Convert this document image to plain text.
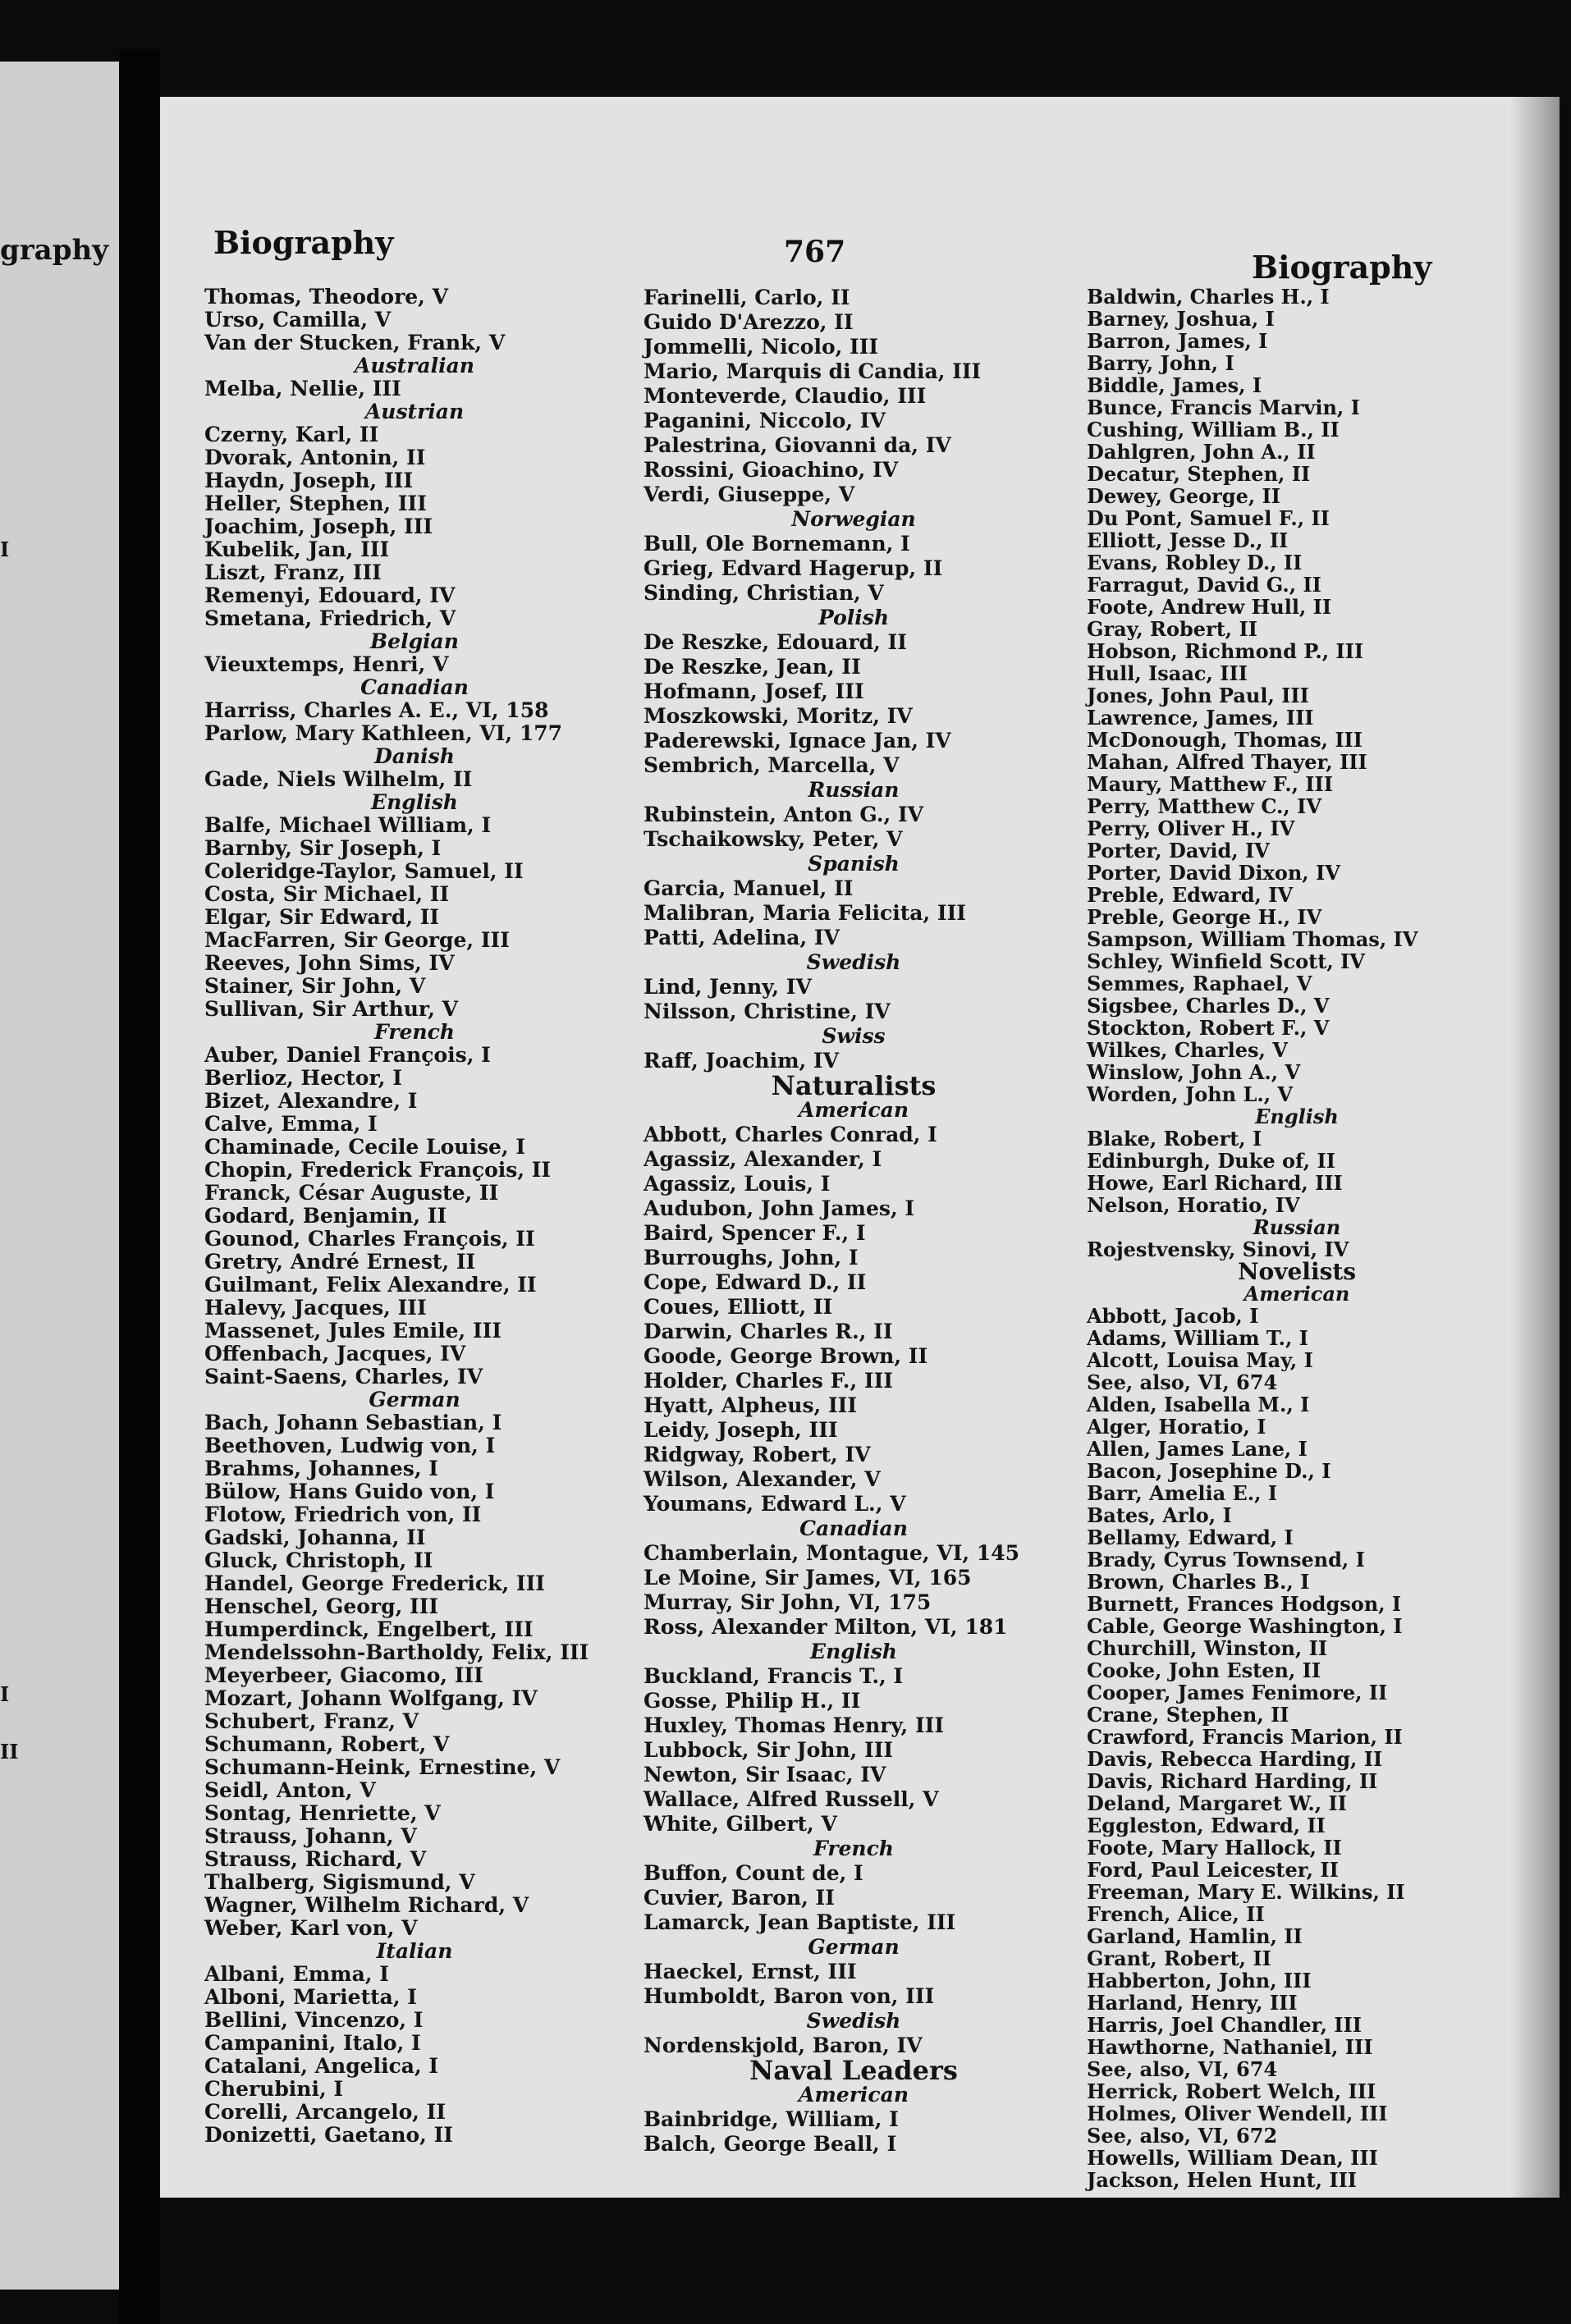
graphy
I
I
II
Biography	767	Biography
Thomas, Theodore, V
Urso, Camilla, V
Van der Stucken, Frank, V
Australian
Melba, Nellie, III
Austrian
Czerny, Karl, II
Dvorak, Antonin, II
Haydn, Joseph, III
Heller, Stephen, III
Joachim, Joseph, III
Kubelik, Jan, III
Liszt, Franz, III
Remenyi, Edouard, IV
Smetana, Friedrich, V
Belgian
Vieuxtemps, Henri, V
Canadian
Harriss, Charles A. E., VI, 158
Parlow, Mary Kathleen, VI, 177
Danish
Gade, Niels Wilhelm, II
English
Balfe, Michael William, I
Barnby, Sir Joseph, I
Coleridge-Taylor, Samuel, II
Costa, Sir Michael, II
Elgar, Sir Edward, II
MacFarren, Sir George, III
Reeves, John Sims, IV
Stainer, Sir John, V
Sullivan, Sir Arthur, V
French
Auber, Daniel François, I
Berlioz, Hector, I
Bizet, Alexandre, I
Calve, Emma, I
Chaminade, Cecile Louise, I
Chopin, Frederick François, II
Franck, César Auguste, II
Godard, Benjamin, II
Gounod, Charles François, II
Gretry, André Ernest, II
Guilmant, Felix Alexandre, II
Halevy, Jacques, III
Massenet, Jules Emile, III
Offenbach, Jacques, IV
Saint-Saens, Charles, IV
German
Bach, Johann Sebastian, I
Beethoven, Ludwig von, I
Brahms, Johannes, I
Bülow, Hans Guido von, I
Flotow, Friedrich von, II
Gadski, Johanna, II
Gluck, Christoph, II
Handel, George Frederick, III
Henschel, Georg, III
Humperdinck, Engelbert, III
Mendelssohn-Bartholdy, Felix, III
Meyerbeer, Giacomo, III
Mozart, Johann Wolfgang, IV
Schubert, Franz, V
Schumann, Robert, V
Schumann-Heink, Ernestine, V
Seidl, Anton, V
Sontag, Henriette, V
Strauss, Johann, V
Strauss, Richard, V
Thalberg, Sigismund, V
Wagner, Wilhelm Richard, V
Weber, Karl von, V
Italian
Albani, Emma, I
Alboni, Marietta, I
Bellini, Vincenzo, I
Campanini, Italo, I
Catalani, Angelica, I
Cherubini, I
Corelli, Arcangelo, II
Donizetti, Gaetano, II
Farinelli, Carlo, II
Guido D'Arezzo, II
Jommelli, Nicolo, III
Mario, Marquis di Candia, III
Monteverde, Claudio, III
Paganini, Niccolo, IV
Palestrina, Giovanni da, IV
Rossini, Gioachino, IV
Verdi, Giuseppe, V
Norwegian
Bull, Ole Bornemann, I
Grieg, Edvard Hagerup, II
Sinding, Christian, V
Polish
De Reszke, Edouard, II
De Reszke, Jean, II
Hofmann, Josef, III
Moszkowski, Moritz, IV
Paderewski, Ignace Jan, IV
Sembrich, Marcella, V
Russian
Rubinstein, Anton G., IV
Tschaikowsky, Peter, V
Spanish
Garcia, Manuel, II
Malibran, Maria Felicita, III
Patti, Adelina, IV
Swedish
Lind, Jenny, IV
Nilsson, Christine, IV
Swiss
Raff, Joachim, IV
Naturalists
American
Abbott, Charles Conrad, I
Agassiz, Alexander, I
Agassiz, Louis, I
Audubon, John James, I
Baird, Spencer F., I
Burroughs, John, I
Cope, Edward D., II
Coues, Elliott, II
Darwin, Charles R., II
Goode, George Brown, II
Holder, Charles F., III
Hyatt, Alpheus, III
Leidy, Joseph, III
Ridgway, Robert, IV
Wilson, Alexander, V
Youmans, Edward L., V
Canadian
Chamberlain, Montague, VI, 145
Le Moine, Sir James, VI, 165
Murray, Sir John, VI, 175
Ross, Alexander Milton, VI, 181
English
Buckland, Francis T., I
Gosse, Philip H., II
Huxley, Thomas Henry, III
Lubbock, Sir John, III
Newton, Sir Isaac, IV
Wallace, Alfred Russell, V
White, Gilbert, V
French
Buffon, Count de, I
Cuvier, Baron, II
Lamarck, Jean Baptiste, III
German
Haeckel, Ernst, III
Humboldt, Baron von, III
Swedish
Nordenskjold, Baron, IV
Naval Leaders
American
Bainbridge, William, I
Balch, George Beall, I
Baldwin, Charles H., I
Barney, Joshua, I
Barron, James, I
Barry, John, I
Biddle, James, I
Bunce, Francis Marvin, I
Cushing, William B., II
Dahlgren, John A., II
Decatur, Stephen, II
Dewey, George, II
Du Pont, Samuel F., II
Elliott, Jesse D., II
Evans, Robley D., II
Farragut, David G., II
Foote, Andrew Hull, II
Gray, Robert, II
Hobson, Richmond P., III
Hull, Isaac, III
Jones, John Paul, III
Lawrence, James, III
McDonough, Thomas, III
Mahan, Alfred Thayer, III
Maury, Matthew F., III
Perry, Matthew C., IV
Perry, Oliver H., IV
Porter, David, IV
Porter, David Dixon, IV
Preble, Edward, IV
Preble, George H., IV
Sampson, William Thomas, IV
Schley, Winfield Scott, IV
Semmes, Raphael, V
Sigsbee, Charles D., V
Stockton, Robert F., V
Wilkes, Charles, V
Winslow, John A., V
Worden, John L., V
English
Blake, Robert, I
Edinburgh, Duke of, II
Howe, Earl Richard, III
Nelson, Horatio, IV
Russian
Rojestvensky, Sinovi, IV
Novelists
American
Abbott, Jacob, I
Adams, William T., I
Alcott, Louisa May, I
See, also, VI, 674
Alden, Isabella M., I
Alger, Horatio, I
Allen, James Lane, I
Bacon, Josephine D., I
Barr, Amelia E., I
Bates, Arlo, I
Bellamy, Edward, I
Brady, Cyrus Townsend, I
Brown, Charles B., I
Burnett, Frances Hodgson, I
Cable, George Washington, I
Churchill, Winston, II
Cooke, John Esten, II
Cooper, James Fenimore, II
Crane, Stephen, II
Crawford, Francis Marion, II
Davis, Rebecca Harding, II
Davis, Richard Harding, II
Deland, Margaret W., II
Eggleston, Edward, II
Foote, Mary Hallock, II
Ford, Paul Leicester, II
Freeman, Mary E. Wilkins, II
French, Alice, II
Garland, Hamlin, II
Grant, Robert, II
Habberton, John, III
Harland, Henry, III
Harris, Joel Chandler, III
Hawthorne, Nathaniel, III
See, also, VI, 674
Herrick, Robert Welch, III
Holmes, Oliver Wendell, III
See, also, VI, 672
Howells, William Dean, III
Jackson, Helen Hunt, III
